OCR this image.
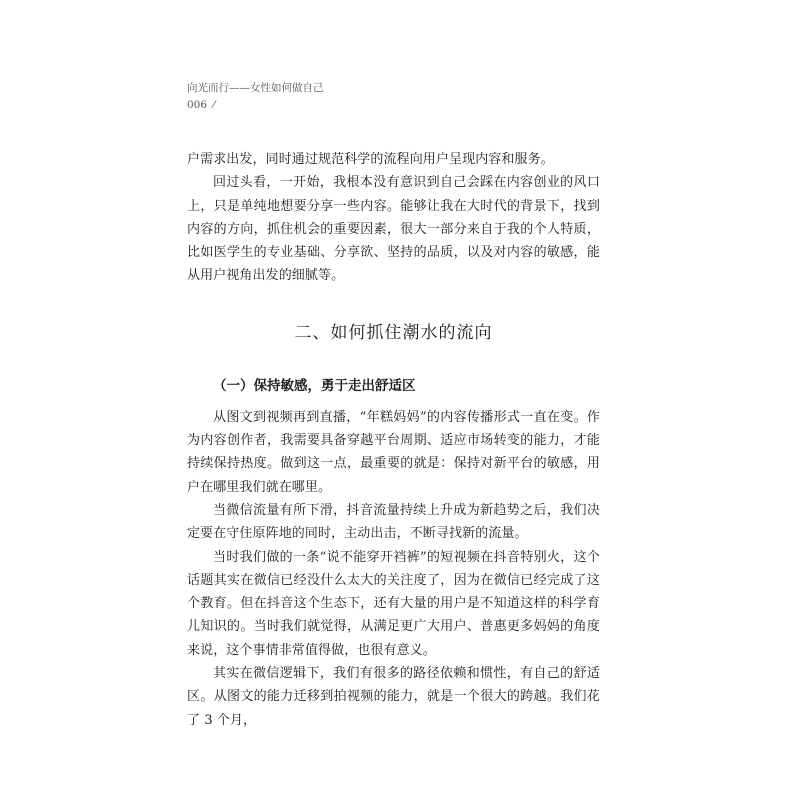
向光而行——女性如何做自己
006 ⁄

户需求出发，同时通过规范科学的流程向用户呈现内容和服务。

回过头看，一开始，我根本没有意识到自己会踩在内容创业的风口上，只是单纯地想要分享一些内容。能够让我在大时代的背景下，找到内容的方向，抓住机会的重要因素，很大一部分来自于我的个人特质，比如医学生的专业基础、分享欲、坚持的品质，以及对内容的敏感，能从用户视角出发的细腻等。

二、如何抓住潮水的流向
（一）保持敏感，勇于走出舒适区

从图文到视频再到直播，“年糕妈妈”的内容传播形式一直在变。作为内容创作者，我需要具备穿越平台周期、适应市场转变的能力，才能持续保持热度。做到这一点，最重要的就是：保持对新平台的敏感，用户在哪里我们就在哪里。

当微信流量有所下滑，抖音流量持续上升成为新趋势之后，我们决定要在守住原阵地的同时，主动出击，不断寻找新的流量。

当时我们做的一条“说不能穿开裆裤”的短视频在抖音特别火，这个话题其实在微信已经没什么太大的关注度了，因为在微信已经完成了这个教育。但在抖音这个生态下，还有大量的用户是不知道这样的科学育儿知识的。当时我们就觉得，从满足更广大用户、普惠更多妈妈的角度来说，这个事情非常值得做，也很有意义。

其实在微信逻辑下，我们有很多的路径依赖和惯性，有自己的舒适区。从图文的能力迁移到拍视频的能力，就是一个很大的跨越。我们花了 3 个月，
